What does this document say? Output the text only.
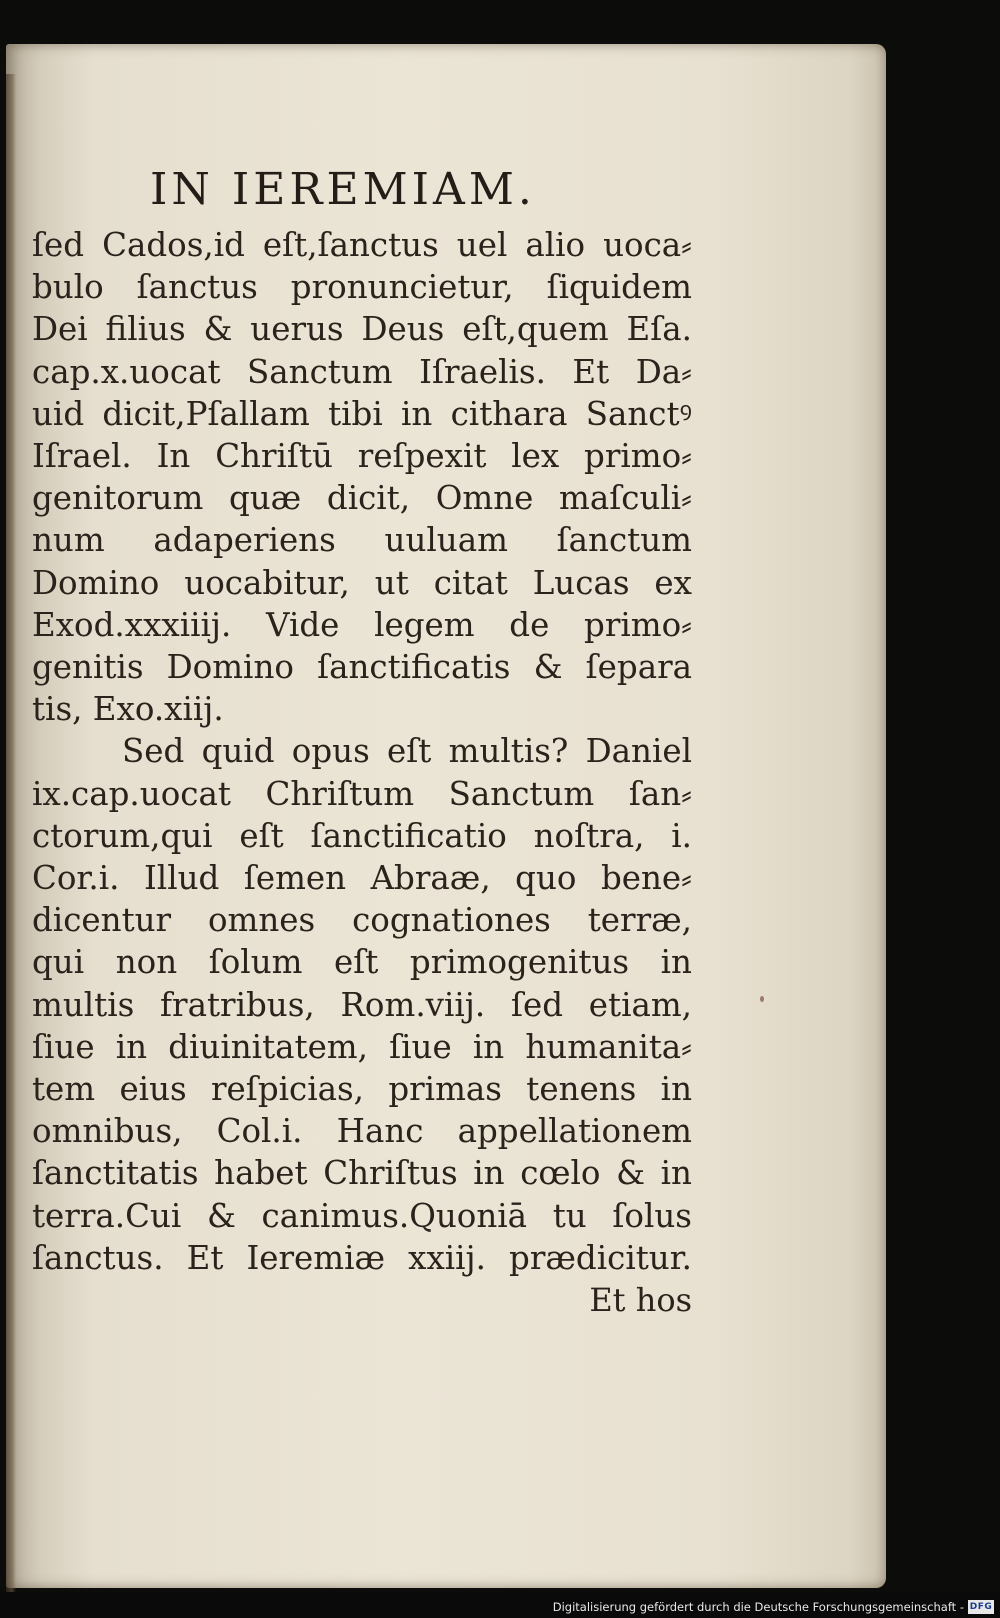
IN IEREMIAM.
ſed Cados,id eſt,ſanctus uel alio uoca⸗
bulo ſanctus pronuncietur, ſiquidem
Dei filius & uerus Deus eſt,quem Eſa.
cap.x.uocat Sanctum Iſraelis. Et Da⸗
uid dicit,Pſallam tibi in cithara Sanctꝰ
Iſrael. In Chriſtū reſpexit lex primo⸗
genitorum quæ dicit, Omne maſculi⸗
num adaperiens uuluam ſanctum
Domino uocabitur, ut citat Lucas ex
Exod.xxxiiij. Vide legem de primo⸗
genitis Domino ſanctificatis & ſepara
tis, Exo.xiij.
Sed quid opus eſt multis? Daniel
ix.cap.uocat Chriſtum Sanctum ſan⸗
ctorum,qui eſt ſanctificatio noſtra, i.
Cor.i. Illud ſemen Abraæ, quo bene⸗
dicentur omnes cognationes terræ,
qui non ſolum eſt primogenitus in
multis fratribus, Rom.viij. ſed etiam,
ſiue in diuinitatem, ſiue in humanita⸗
tem eius reſpicias, primas tenens in
omnibus, Col.i. Hanc appellationem
ſanctitatis habet Chriſtus in cœlo & in
terra.Cui & canimus.Quoniā tu ſolus
ſanctus. Et Ieremiæ xxiij. prædicitur.
Et hos
Digitalisierung gefördert durch die Deutsche Forschungsgemeinschaft - DFG
